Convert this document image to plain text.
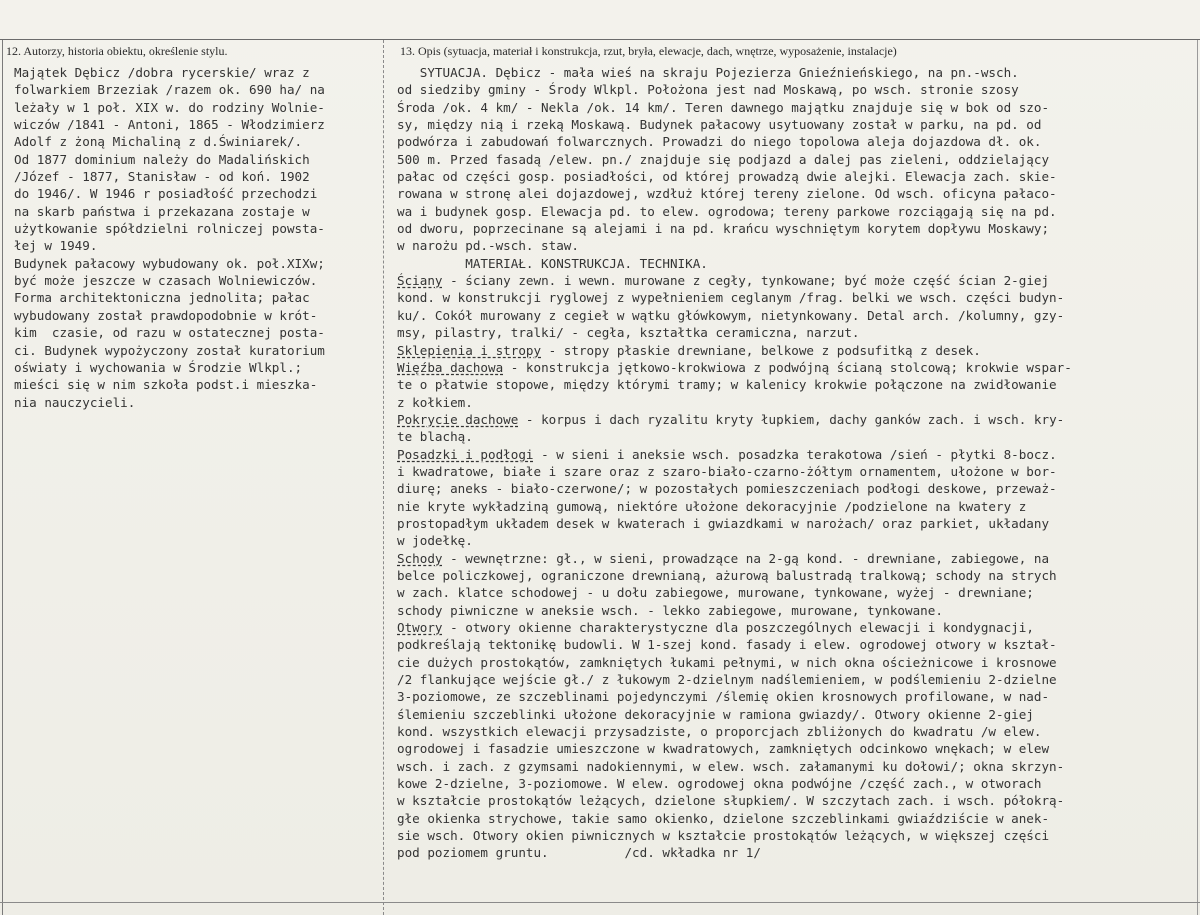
12. Autorzy, historia obiektu, określenie stylu.	13. Opis (sytuacja, materiał i konstrukcja, rzut, bryła, elewacje, dach, wnętrze, wyposażenie, instalacje)
Majątek Dębicz /dobra rycerskie/ wraz z
folwarkiem Brzeziak /razem ok. 690 ha/ na
leżały w 1 poł. XIX w. do rodziny Wolnie-
wiczów /1841 - Antoni, 1865 - Włodzimierz
Adolf z żoną Michaliną z d.Świniarek/.
Od 1877 dominium należy do Madalińskich
/Józef - 1877, Stanisław - od koń. 1902
do 1946/. W 1946 r posiadłość przechodzi
na skarb państwa i przekazana zostaje w
użytkowanie spółdzielni rolniczej powsta-
łej w 1949.
Budynek pałacowy wybudowany ok. poł.XIXw;
być może jeszcze w czasach Wolniewiczów.
Forma architektoniczna jednolita; pałac
wybudowany został prawdopodobnie w krót-
kim  czasie, od razu w ostatecznej posta-
ci. Budynek wypożyczony został kuratorium
oświaty i wychowania w Środzie Wlkpl.;
mieści się w nim szkoła podst.i mieszka-
nia nauczycieli.
SYTUACJA. Dębicz - mała wieś na skraju Pojezierza Gnieźnieńskiego, na pn.-wsch.
od siedziby gminy - Środy Wlkpl. Położona jest nad Moskawą, po wsch. stronie szosy
Środa /ok. 4 km/ - Nekla /ok. 14 km/. Teren dawnego majątku znajduje się w bok od szo-
sy, między nią i rzeką Moskawą. Budynek pałacowy usytuowany został w parku, na pd. od
podwórza i zabudowań folwarcznych. Prowadzi do niego topolowa aleja dojazdowa dł. ok.
500 m. Przed fasadą /elew. pn./ znajduje się podjazd a dalej pas zieleni, oddzielający
pałac od części gosp. posiadłości, od której prowadzą dwie alejki. Elewacja zach. skie-
rowana w stronę alei dojazdowej, wzdłuż której tereny zielone. Od wsch. oficyna pałaco-
wa i budynek gosp. Elewacja pd. to elew. ogrodowa; tereny parkowe rozciągają się na pd.
od dworu, poprzecinane są alejami i na pd. krańcu wyschniętym korytem dopływu Moskawy;
w narożu pd.-wsch. staw.
MATERIAŁ. KONSTRUKCJA. TECHNIKA.
Ściany - ściany zewn. i wewn. murowane z cegły, tynkowane; być może część ścian 2-giej
kond. w konstrukcji ryglowej z wypełnieniem ceglanym /frag. belki we wsch. części budyn-
ku/. Cokół murowany z cegieł w wątku główkowym, nietynkowany. Detal arch. /kolumny, gzy-
msy, pilastry, tralki/ - cegła, kształtka ceramiczna, narzut.
Sklepienia i stropy - stropy płaskie drewniane, belkowe z podsufitką z desek.
Więźba dachowa - konstrukcja jętkowo-krokwiowa z podwójną ścianą stolcową; krokwie wspar-
te o płatwie stopowe, między którymi tramy; w kalenicy krokwie połączone na zwidłowanie
z kołkiem.
Pokrycie dachowe - korpus i dach ryzalitu kryty łupkiem, dachy ganków zach. i wsch. kry-
te blachą.
Posadzki i podłogi - w sieni i aneksie wsch. posadzka terakotowa /sień - płytki 8-bocz.
i kwadratowe, białe i szare oraz z szaro-biało-czarno-żółtym ornamentem, ułożone w bor-
diurę; aneks - biało-czerwone/; w pozostałych pomieszczeniach podłogi deskowe, przeważ-
nie kryte wykładziną gumową, niektóre ułożone dekoracyjnie /podzielone na kwatery z
prostopadłym układem desek w kwaterach i gwiazdkami w narożach/ oraz parkiet, układany
w jodełkę.
Schody - wewnętrzne: gł., w sieni, prowadzące na 2-gą kond. - drewniane, zabiegowe, na
belce policzkowej, ograniczone drewnianą, ażurową balustradą tralkową; schody na strych
w zach. klatce schodowej - u dołu zabiegowe, murowane, tynkowane, wyżej - drewniane;
schody piwniczne w aneksie wsch. - lekko zabiegowe, murowane, tynkowane.
Otwory - otwory okienne charakterystyczne dla poszczególnych elewacji i kondygnacji,
podkreślają tektonikę budowli. W 1-szej kond. fasady i elew. ogrodowej otwory w kształ-
cie dużych prostokątów, zamkniętych łukami pełnymi, w nich okna ościeżnicowe i krosnowe
/2 flankujące wejście gł./ z łukowym 2-dzielnym nadślemieniem, w podślemieniu 2-dzielne
3-poziomowe, ze szczeblinami pojedynczymi /ślemię okien krosnowych profilowane, w nad-
ślemieniu szczeblinki ułożone dekoracyjnie w ramiona gwiazdy/. Otwory okienne 2-giej
kond. wszystkich elewacji przysadziste, o proporcjach zbliżonych do kwadratu /w elew.
ogrodowej i fasadzie umieszczone w kwadratowych, zamkniętych odcinkowo wnękach; w elew
wsch. i zach. z gzymsami nadokiennymi, w elew. wsch. załamanymi ku dołowi/; okna skrzyn-
kowe 2-dzielne, 3-poziomowe. W elew. ogrodowej okna podwójne /część zach., w otworach
w kształcie prostokątów leżących, dzielone słupkiem/. W szczytach zach. i wsch. półokrą-
głe okienka strychowe, takie samo okienko, dzielone szczeblinkami gwiaździście w anek-
sie wsch. Otwory okien piwnicznych w kształcie prostokątów leżących, w większej części
pod poziomem gruntu.          /cd. wkładka nr 1/
